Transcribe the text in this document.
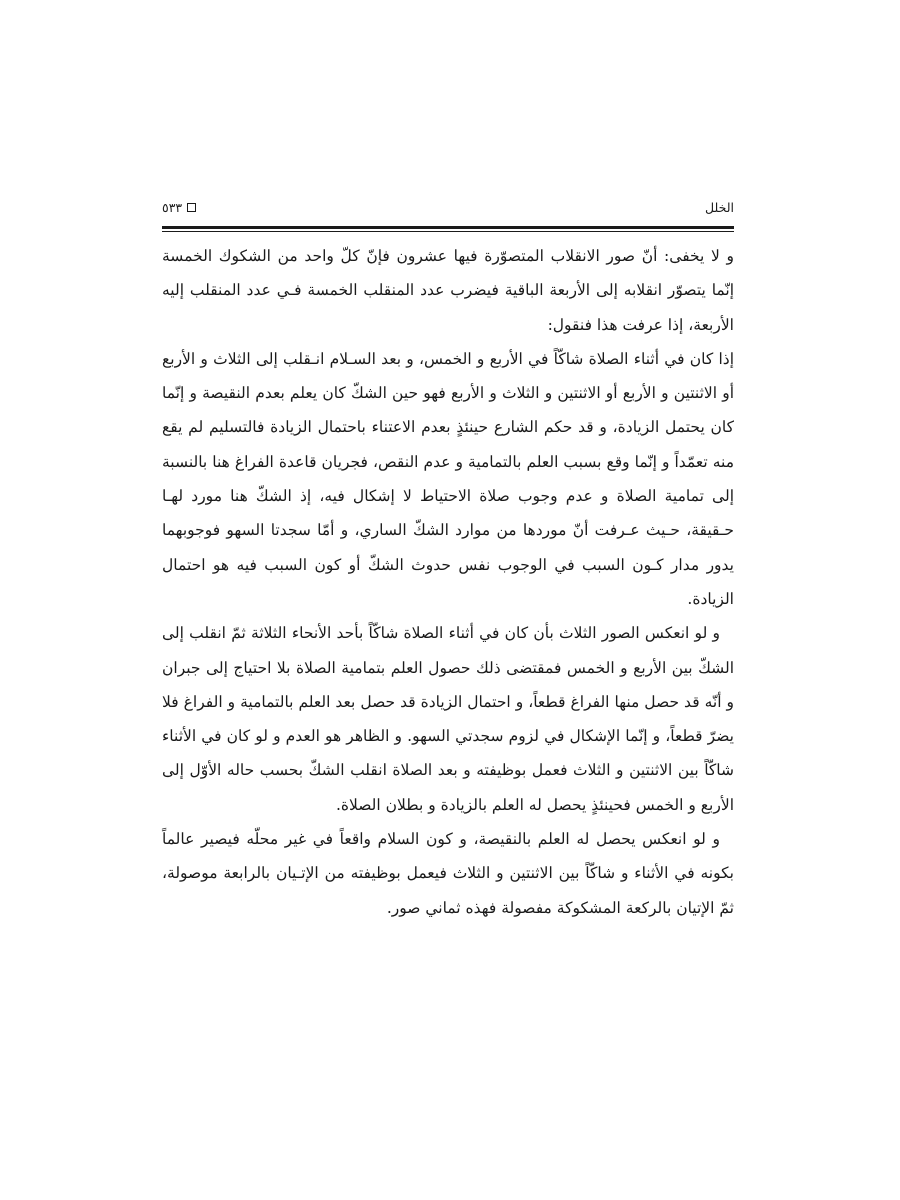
٥٣٣	الخلل

و لا يخفى: أنّ صور الانقلاب المتصوّرة فيها عشرون فإنّ كلّ واحد من الشكوك الخمسة إنّما يتصوّر انقلابه إلى الأربعة الباقية فيضرب عدد المنقلب الخمسة فـي عدد المنقلب إليه الأربعة، إذا عرفت هذا فنقول:

إذا كان في أثناء الصلاة شاكّاً في الأربع و الخمس، و بعد السـلام انـقلب إلى الثلاث و الأربع أو الاثنتين و الأربع أو الاثنتين و الثلاث و الأربع فهو حين الشكّ كان يعلم بعدم النقيصة و إنّما كان يحتمل الزيادة، و قد حكم الشارع حينئذٍ بعدم الاعتناء باحتمال الزيادة فالتسليم لم يقع منه تعمّداً و إنّما وقع بسبب العلم بالتمامية و عدم النقص، فجريان قاعدة الفراغ هنا بالنسبة إلى تمامية الصلاة و عدم وجوب صلاة الاحتياط لا إشكال فيه، إذ الشكّ هنا مورد لهـا حـقيقة، حـيث عـرفت أنّ موردها من موارد الشكّ الساري، و أمّا سجدتا السهو فوجوبهما يدور مدار كـون السبب في الوجوب نفس حدوث الشكّ أو كون السبب فيه هو احتمال الزيادة.

و لو انعكس الصور الثلاث بأن كان في أثناء الصلاة شاكّاً بأحد الأنحاء الثلاثة ثمّ انقلب إلى الشكّ بين الأربع و الخمس فمقتضى ذلك حصول العلم بتمامية الصلاة بلا احتياج إلى جبران و أنّه قد حصل منها الفراغ قطعاً، و احتمال الزيادة قد حصل بعد العلم بالتمامية و الفراغ فلا يضرّ قطعاً، و إنّما الإشكال في لزوم سجدتي السهو. و الظاهر هو العدم و لو كان في الأثناء شاكّاً بين الاثنتين و الثلاث فعمل بوظيفته و بعد الصلاة انقلب الشكّ بحسب حاله الأوّل إلى الأربع و الخمس فحينئذٍ يحصل له العلم بالزيادة و بطلان الصلاة.

و لو انعكس يحصل له العلم بالنقيصة، و كون السلام واقعاً في غير محلّه فيصير عالماً بكونه في الأثناء و شاكّاً بين الاثنتين و الثلاث فيعمل بوظيفته من الإتـيان بالرابعة موصولة، ثمّ الإتيان بالركعة المشكوكة مفصولة فهذه ثماني صور.
